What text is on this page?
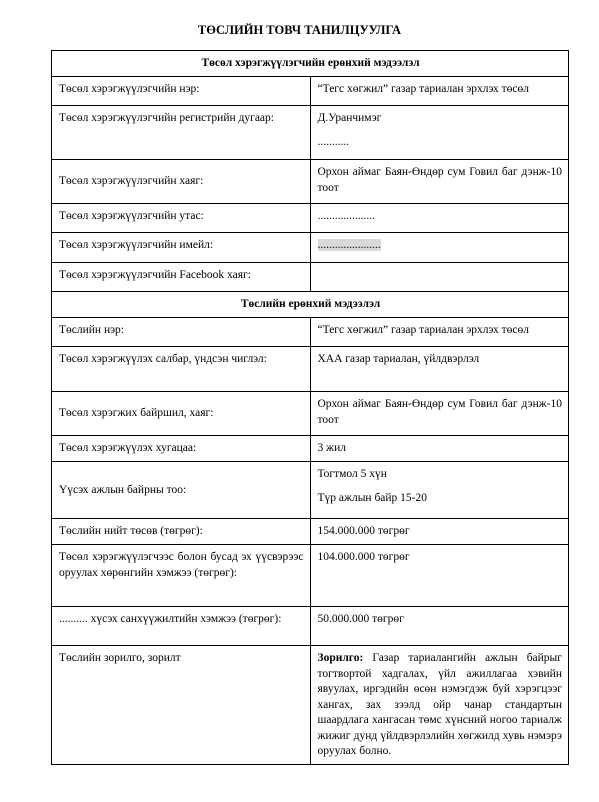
ТӨСЛИЙН ТОВЧ ТАНИЛЦУУЛГА
Төсөл хэрэгжүүлэгчийн ерөнхий мэдээлэл	
Төсөл хэрэгжүүлэгчийн нэр:	“Тегс хөгжил” газар тариалан эрхлэх төсөл
Төсөл хэрэгжүүлэгчийн регистрийн дугаар:	Д.Уранчимэг

...........

Төсөл хэрэгжүүлэгчийн хаяг:	Орхон аймаг Баян-Өндөр сум Говил баг дэнж-10 тоот
Төсөл хэрэгжүүлэгчийн утас:	....................
Төсөл хэрэгжүүлэгчийн имейл:	......................
Төсөл хэрэгжүүлэгчийн Facebook хаяг:	
Төслийн ерөнхий мэдээлэл	
Төслийн нэр:	“Тегс хөгжил” газар тариалан эрхлэх төсөл
Төсөл хэрэгжүүлэх салбар, үндсэн чиглэл:	ХАА газар тариалан, үйлдвэрлэл
Төсөл хэрэгжих байршил, хаяг:	Орхон аймаг Баян-Өндөр сум Говил баг дэнж-10 тоот
Төсөл хэрэгжүүлэх хугацаа:	3 жил
Үүсэх ажлын байрны тоо:	Тогтмол 5 хүн

Түр ажлын байр 15-20

Төслийн нийт төсөв (төгрөг):	154.000.000 төгрөг
Төсөл хэрэгжүүлэгчээс болон бусад эх үүсвэрээс оруулах хөрөнгийн хэмжээ (төгрөг):	104.000.000 төгрөг
.......... хүсэх санхүүжилтийн хэмжээ (төгрөг):	50.000.000 төгрөг
Төслийн зорилго, зорилт	Зорилго: Газар тариалангийн ажлын байрыг тогтвортой хадгалах, үйл ажиллагаа хэвийн явуулах, иргэдийн өсөн нэмэгдэж буй хэрэгцээг хангах, зах зээлд ойр чанар стандартын шаардлага хангасан төмс хүнсний ногоо тариалж жижиг дунд үйлдвэрлэлийн хөгжилд хувь нэмэрэ оруулах болно.
